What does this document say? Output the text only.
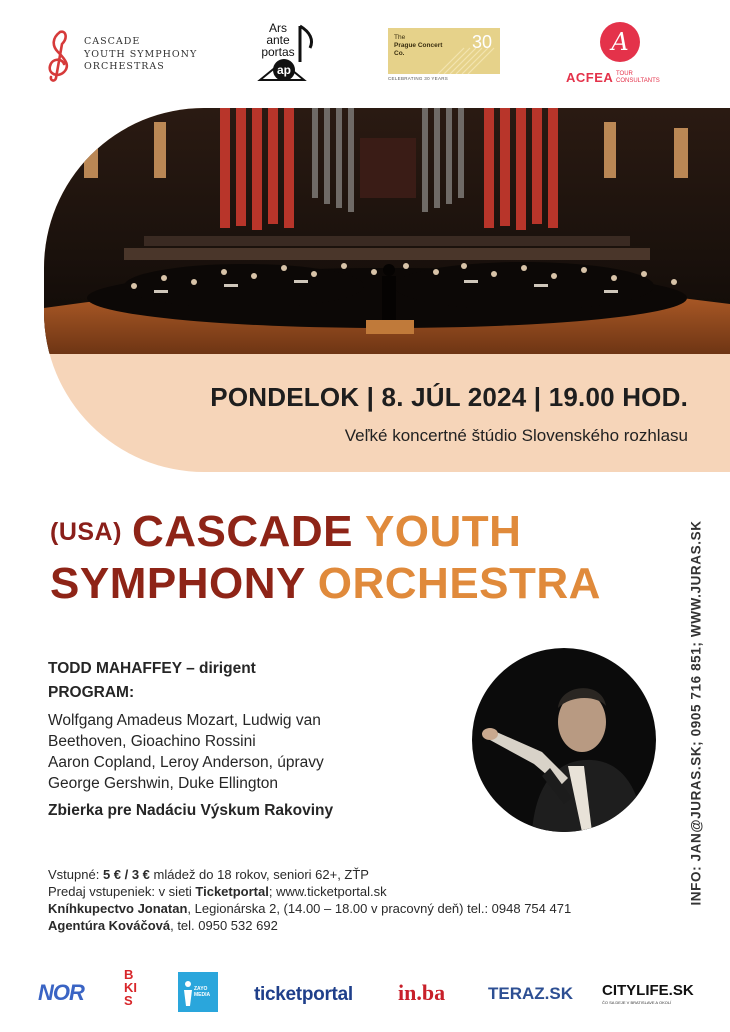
CASCADE
YOUTH SYMPHONY
ORCHESTRAS
Ars
ante
portas
ap
The
Prague Concert Co.
30
CELEBRATING 30 YEARS
A
ACFEA TOUR
CONSULTANTS
PONDELOK | 8. JÚL 2024 | 19.00 HOD.
Veľké koncertné štúdio Slovenského rozhlasu
(USA) CASCADE YOUTH
SYMPHONY ORCHESTRA	INFO: JAN@JURAS.SK; 0905 716 851; WWW.JURAS.SK
TODD MAHAFFEY – dirigent
PROGRAM:
Wolfgang Amadeus Mozart, Ludwig van
Beethoven, Gioachino Rossini
Aaron Copland, Leroy Anderson, úpravy
George Gershwin, Duke Ellington
Zbierka pre Nadáciu Výskum Rakoviny
Vstupné: 5 € / 3 € mládež do 18 rokov, seniori 62+, ZŤP
Predaj vstupeniek: v sieti Ticketportal; www.ticketportal.sk
Kníhkupectvo Jonatan, Legionárska 2, (14.00 – 18.00 v pracovný deň) tel.: 0948 754 471
Agentúra Kováčová, tel. 0950 532 692
NOR
BKIS
ZAYO MEDIA	ticketportal in.ba	TERAZ.SK CITYLIFE.SK
ČO SA DEJE V BRATISLAVE A OKOLÍ
